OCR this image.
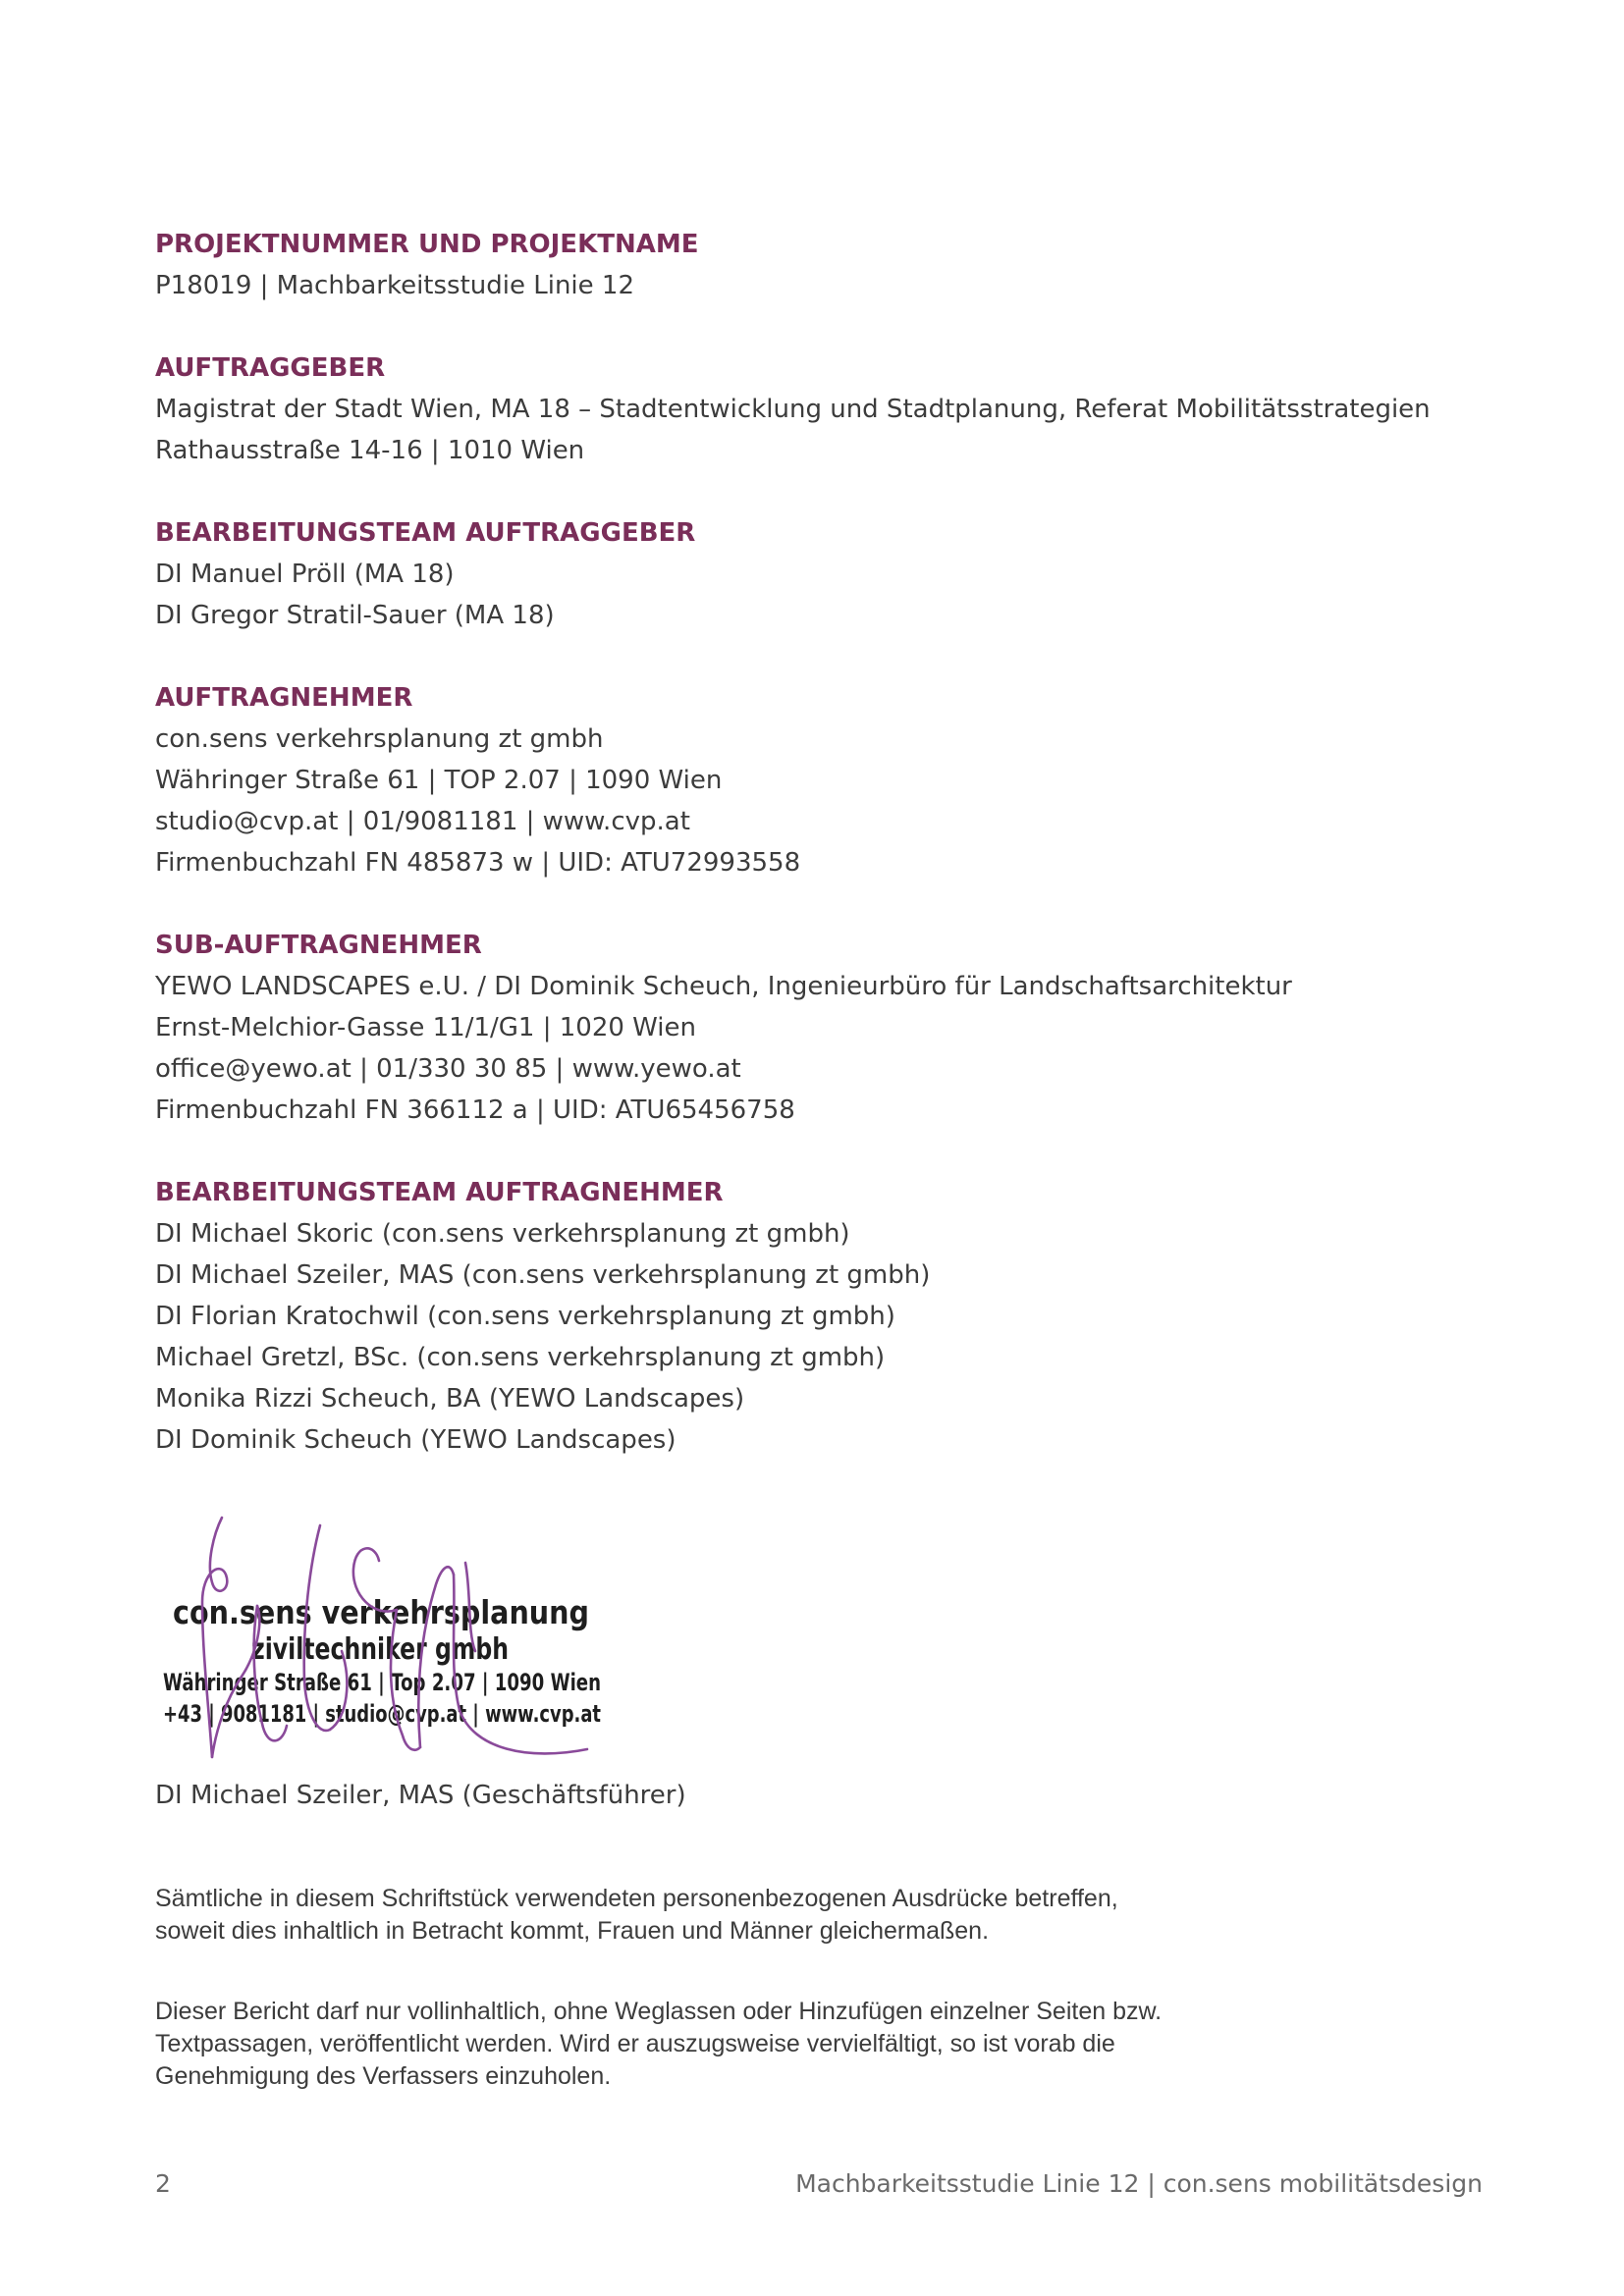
PROJEKTNUMMER UND PROJEKTNAME
P18019 | Machbarkeitsstudie Linie 12
AUFTRAGGEBER
Magistrat der Stadt Wien, MA 18 – Stadtentwicklung und Stadtplanung, Referat Mobilitätsstrategien
Rathausstraße 14-16 | 1010 Wien
BEARBEITUNGSTEAM AUFTRAGGEBER
DI Manuel Pröll (MA 18)
DI Gregor Stratil-Sauer (MA 18)
AUFTRAGNEHMER
con.sens verkehrsplanung zt gmbh
Währinger Straße 61 | TOP 2.07 | 1090 Wien
studio@cvp.at | 01/9081181 | www.cvp.at
Firmenbuchzahl FN 485873 w | UID: ATU72993558
SUB-AUFTRAGNEHMER
YEWO LANDSCAPES e.U. / DI Dominik Scheuch, Ingenieurbüro für Landschaftsarchitektur
Ernst-Melchior-Gasse 11/1/G1 | 1020 Wien
office@yewo.at | 01/330 30 85 | www.yewo.at
Firmenbuchzahl FN 366112 a | UID: ATU65456758
BEARBEITUNGSTEAM AUFTRAGNEHMER
DI Michael Skoric (con.sens verkehrsplanung zt gmbh)
DI Michael Szeiler, MAS (con.sens verkehrsplanung zt gmbh)
DI Florian Kratochwil (con.sens verkehrsplanung zt gmbh)
Michael Gretzl, BSc. (con.sens verkehrsplanung zt gmbh)
Monika Rizzi Scheuch, BA (YEWO Landscapes)
DI Dominik Scheuch (YEWO Landscapes)
con.sens verkehrsplanung
ziviltechniker gmbh
Währinger Straße 61 | Top 2.07 | 1090 Wien
+43 | 9081181 | studio@cvp.at | www.cvp.at
DI Michael Szeiler, MAS (Geschäftsführer)
Sämtliche in diesem Schriftstück verwendeten personenbezogenen Ausdrücke betreffen,
soweit dies inhaltlich in Betracht kommt, Frauen und Männer gleichermaßen.
Dieser Bericht darf nur vollinhaltlich, ohne Weglassen oder Hinzufügen einzelner Seiten bzw.
Textpassagen, veröffentlicht werden. Wird er auszugsweise vervielfältigt, so ist vorab die
Genehmigung des Verfassers einzuholen.
2	Machbarkeitsstudie Linie 12 | con.sens mobilitätsdesign
